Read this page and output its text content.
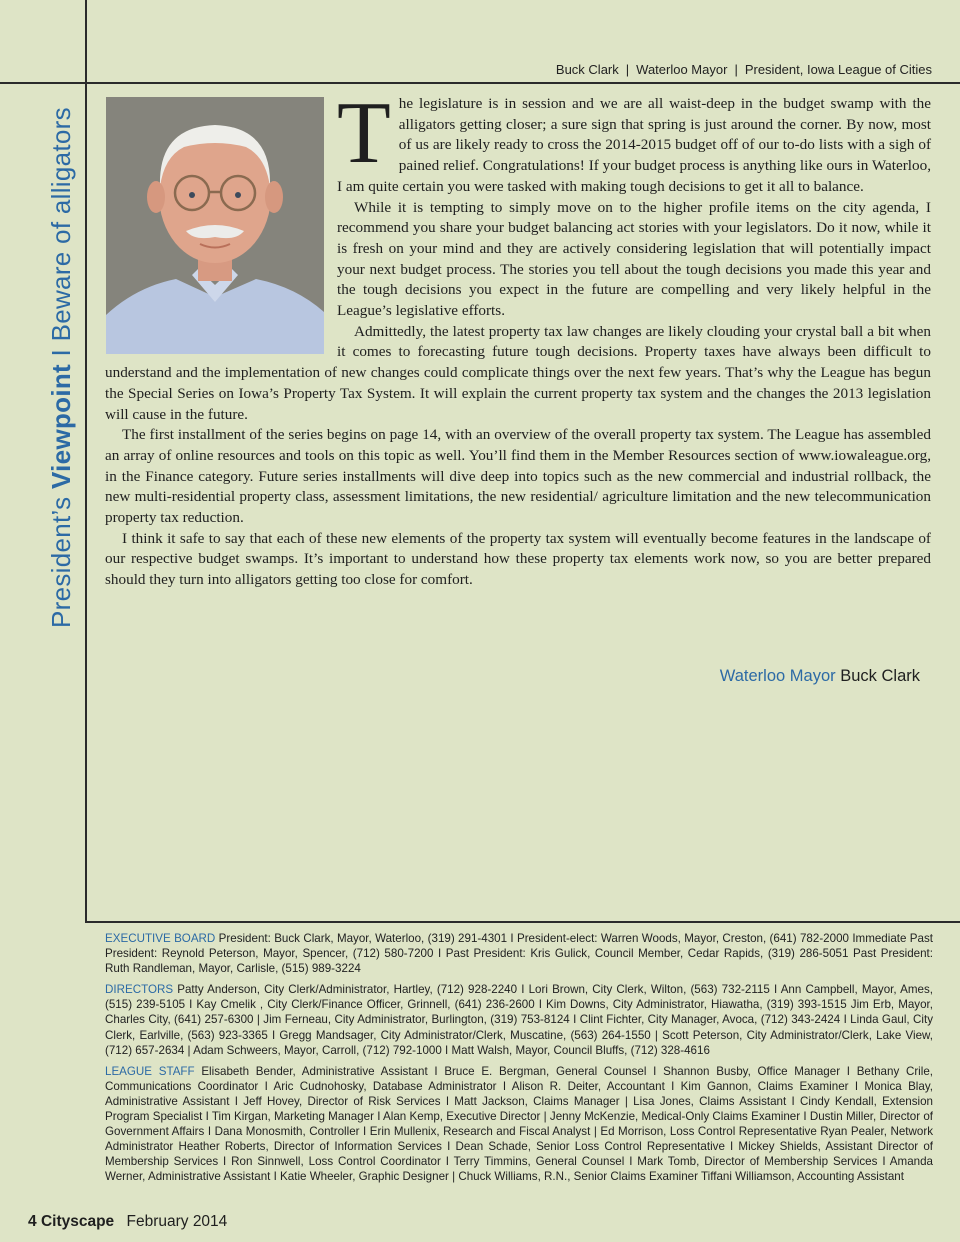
President’s Viewpoint I Beware of alligators
Buck Clark | Waterloo Mayor | President, Iowa League of Cities

The legislature is in session and we are all waist-deep in the budget swamp with the alligators getting closer; a sure sign that spring is just around the corner. By now, most of us are likely ready to cross the 2014-2015 budget off of our to-do lists with a sigh of pained relief. Congratulations! If your budget process is anything like ours in Waterloo, I am quite certain you were tasked with making tough decisions to get it all to balance.

While it is tempting to simply move on to the higher profile items on the city agenda, I recommend you share your budget balancing act stories with your legislators. Do it now, while it is fresh on your mind and they are actively considering legislation that will potentially impact your next budget process. The stories you tell about the tough decisions you made this year and the tough decisions you expect in the future are compelling and very likely helpful in the League’s legislative efforts.

Admittedly, the latest property tax law changes are likely clouding your crystal ball a bit when it comes to forecasting future tough decisions. Property taxes have always been difficult to understand and the implementation of new changes could complicate things over the next few years. That’s why the League has begun the Special Series on Iowa’s Property Tax System. It will explain the current property tax system and the changes the 2013 legislation will cause in the future.

The first installment of the series begins on page 14, with an overview of the overall property tax system. The League has assembled an array of online resources and tools on this topic as well. You’ll find them in the Member Resources section of www.iowaleague.org, in the Finance category. Future series installments will dive deep into topics such as the new commercial and industrial rollback, the new multi-residential property class, assessment limitations, the new residential/ agriculture limitation and the new telecommunication property tax reduction.

I think it safe to say that each of these new elements of the property tax system will eventually become features in the landscape of our respective budget swamps. It’s important to understand how these property tax elements work now, so you are better prepared should they turn into alligators getting too close for comfort.

Waterloo Mayor Buck Clark

EXECUTIVE BOARD President: Buck Clark, Mayor, Waterloo, (319) 291-4301 I President-elect: Warren Woods, Mayor, Creston, (641) 782-2000 Immediate Past President: Reynold Peterson, Mayor, Spencer, (712) 580-7200 I Past President: Kris Gulick, Council Member, Cedar Rapids, (319) 286-5051 Past President: Ruth Randleman, Mayor, Carlisle, (515) 989-3224

DIRECTORS Patty Anderson, City Clerk/Administrator, Hartley, (712) 928-2240 I Lori Brown, City Clerk, Wilton, (563) 732-2115 I Ann Campbell, Mayor, Ames, (515) 239-5105 I Kay Cmelik , City Clerk/Finance Officer, Grinnell, (641) 236-2600 I Kim Downs, City Administrator, Hiawatha, (319) 393-1515 Jim Erb, Mayor, Charles City, (641) 257-6300 | Jim Ferneau, City Administrator, Burlington, (319) 753-8124 I Clint Fichter, City Manager, Avoca, (712) 343-2424 I Linda Gaul, City Clerk, Earlville, (563) 923-3365 I Gregg Mandsager, City Administrator/Clerk, Muscatine, (563) 264-1550 | Scott Peterson, City Administrator/Clerk, Lake View, (712) 657-2634 | Adam Schweers, Mayor, Carroll, (712) 792-1000 I Matt Walsh, Mayor, Council Bluffs, (712) 328-4616

LEAGUE STAFF Elisabeth Bender, Administrative Assistant I Bruce E. Bergman, General Counsel I Shannon Busby, Office Manager I Bethany Crile, Communications Coordinator I Aric Cudnohosky, Database Administrator I Alison R. Deiter, Accountant I Kim Gannon, Claims Examiner I Monica Blay, Administrative Assistant I Jeff Hovey, Director of Risk Services I Matt Jackson, Claims Manager | Lisa Jones, Claims Assistant I Cindy Kendall, Extension Program Specialist I Tim Kirgan, Marketing Manager I Alan Kemp, Executive Director | Jenny McKenzie, Medical-Only Claims Examiner I Dustin Miller, Director of Government Affairs I Dana Monosmith, Controller I Erin Mullenix, Research and Fiscal Analyst | Ed Morrison, Loss Control Representative Ryan Pealer, Network Administrator Heather Roberts, Director of Information Services I Dean Schade, Senior Loss Control Representative I Mickey Shields, Assistant Director of Membership Services I Ron Sinnwell, Loss Control Coordinator I Terry Timmins, General Counsel I Mark Tomb, Director of Membership Services I Amanda Werner, Administrative Assistant I Katie Wheeler, Graphic Designer | Chuck Williams, R.N., Senior Claims Examiner Tiffani Williamson, Accounting Assistant

4 Cityscape February 2014
